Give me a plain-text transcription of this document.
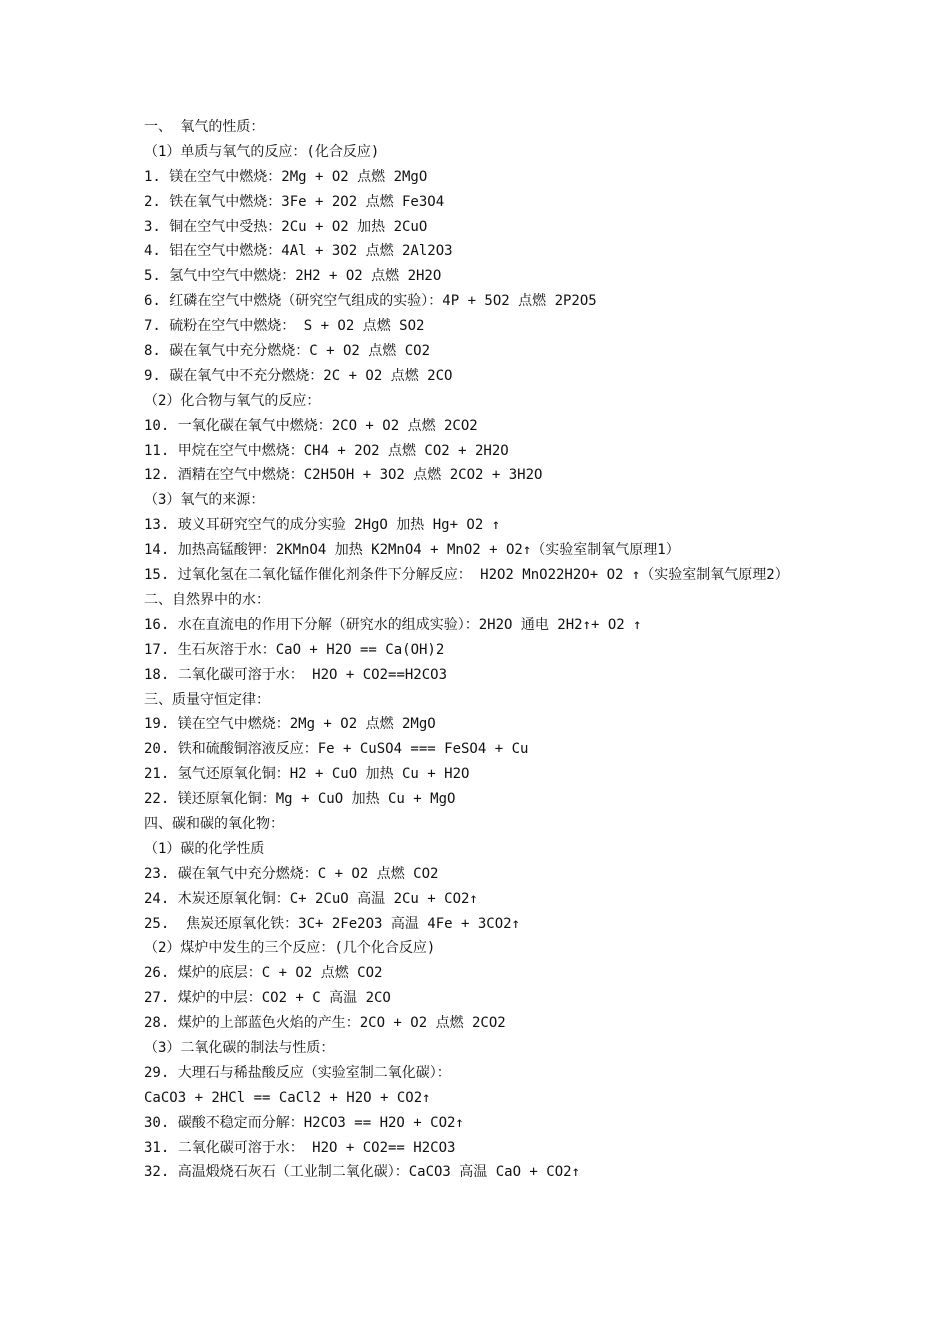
一、 氧气的性质：
（1）单质与氧气的反应：(化合反应)
1. 镁在空气中燃烧：2Mg + O2 点燃 2MgO
2. 铁在氧气中燃烧：3Fe + 2O2 点燃 Fe3O4
3. 铜在空气中受热：2Cu + O2 加热 2CuO
4. 铝在空气中燃烧：4Al + 3O2 点燃 2Al2O3
5. 氢气中空气中燃烧：2H2 + O2 点燃 2H2O
6. 红磷在空气中燃烧（研究空气组成的实验）：4P + 5O2 点燃 2P2O5
7. 硫粉在空气中燃烧： S + O2 点燃 SO2
8. 碳在氧气中充分燃烧：C + O2 点燃 CO2
9. 碳在氧气中不充分燃烧：2C + O2 点燃 2CO
（2）化合物与氧气的反应：
10. 一氧化碳在氧气中燃烧：2CO + O2 点燃 2CO2
11. 甲烷在空气中燃烧：CH4 + 2O2 点燃 CO2 + 2H2O
12. 酒精在空气中燃烧：C2H5OH + 3O2 点燃 2CO2 + 3H2O
（3）氧气的来源：
13. 玻义耳研究空气的成分实验 2HgO 加热 Hg+ O2 ↑
14. 加热高锰酸钾：2KMnO4 加热 K2MnO4 + MnO2 + O2↑（实验室制氧气原理1）
15. 过氧化氢在二氧化锰作催化剂条件下分解反应： H2O2 MnO22H2O+ O2 ↑（实验室制氧气原理2）
二、自然界中的水：
16. 水在直流电的作用下分解（研究水的组成实验）：2H2O 通电 2H2↑+ O2 ↑
17. 生石灰溶于水：CaO + H2O == Ca(OH)2
18. 二氧化碳可溶于水： H2O + CO2==H2CO3
三、质量守恒定律：
19. 镁在空气中燃烧：2Mg + O2 点燃 2MgO
20. 铁和硫酸铜溶液反应：Fe + CuSO4 === FeSO4 + Cu
21. 氢气还原氧化铜：H2 + CuO 加热 Cu + H2O
22. 镁还原氧化铜：Mg + CuO 加热 Cu + MgO
四、碳和碳的氧化物：
（1）碳的化学性质
23. 碳在氧气中充分燃烧：C + O2 点燃 CO2
24. 木炭还原氧化铜：C+ 2CuO 高温 2Cu + CO2↑
25.  焦炭还原氧化铁：3C+ 2Fe2O3 高温 4Fe + 3CO2↑
（2）煤炉中发生的三个反应：(几个化合反应)
26. 煤炉的底层：C + O2 点燃 CO2
27. 煤炉的中层：CO2 + C 高温 2CO
28. 煤炉的上部蓝色火焰的产生：2CO + O2 点燃 2CO2
（3）二氧化碳的制法与性质：
29. 大理石与稀盐酸反应（实验室制二氧化碳）：
CaCO3 + 2HCl == CaCl2 + H2O + CO2↑
30. 碳酸不稳定而分解：H2CO3 == H2O + CO2↑
31. 二氧化碳可溶于水： H2O + CO2== H2CO3
32. 高温煅烧石灰石（工业制二氧化碳）：CaCO3 高温 CaO + CO2↑
